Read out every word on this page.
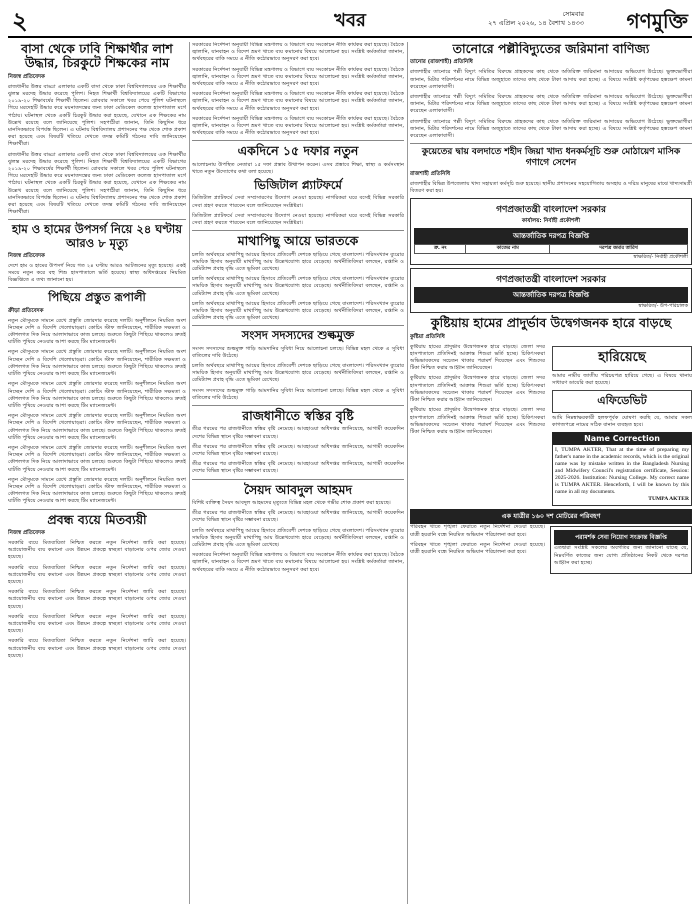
২	খবর	সোমবার
২৭ এপ্রিল ২০২৬, ১৪ বৈশাখ ১৪৩৩ গণমুক্তি
বাসা থেকে ঢাবি শিক্ষার্থীর লাশ উদ্ধার, চিরকুটে শিক্ষকের নাম
নিজস্ব প্রতিবেদক

রাজধানীর উত্তর বাড্ডা এলাকার একটি বাসা থেকে ঢাকা বিশ্ববিদ্যালয়ের এক শিক্ষার্থীর ঝুলন্ত মরদেহ উদ্ধার করেছে পুলিশ। নিহত শিক্ষার্থী বিশ্ববিদ্যালয়ের একটি বিভাগের ২০১৯-২০ শিক্ষাবর্ষের শিক্ষার্থী ছিলেন। রোববার সকালে খবর পেয়ে পুলিশ ঘটনাস্থলে গিয়ে মরদেহটি উদ্ধার করে ময়নাতদন্তের জন্য ঢাকা মেডিকেল কলেজ হাসপাতাল মর্গে পাঠায়। ঘটনাস্থল থেকে একটি চিরকুট উদ্ধার করা হয়েছে, যেখানে এক শিক্ষকের নাম উল্লেখ রয়েছে বলে জানিয়েছে পুলিশ। সহপাঠীরা জানান, তিনি কিছুদিন ধরে মানসিকভাবে বিপর্যস্ত ছিলেন। এ ঘটনায় বিশ্ববিদ্যালয় প্রশাসনের পক্ষ থেকে শোক প্রকাশ করা হয়েছে এবং বিষয়টি খতিয়ে দেখতে তদন্ত কমিটি গঠনের দাবি জানিয়েছেন শিক্ষার্থীরা।

রাজধানীর উত্তর বাড্ডা এলাকার একটি বাসা থেকে ঢাকা বিশ্ববিদ্যালয়ের এক শিক্ষার্থীর ঝুলন্ত মরদেহ উদ্ধার করেছে পুলিশ। নিহত শিক্ষার্থী বিশ্ববিদ্যালয়ের একটি বিভাগের ২০১৯-২০ শিক্ষাবর্ষের শিক্ষার্থী ছিলেন। রোববার সকালে খবর পেয়ে পুলিশ ঘটনাস্থলে গিয়ে মরদেহটি উদ্ধার করে ময়নাতদন্তের জন্য ঢাকা মেডিকেল কলেজ হাসপাতাল মর্গে পাঠায়। ঘটনাস্থল থেকে একটি চিরকুট উদ্ধার করা হয়েছে, যেখানে এক শিক্ষকের নাম উল্লেখ রয়েছে বলে জানিয়েছে পুলিশ। সহপাঠীরা জানান, তিনি কিছুদিন ধরে মানসিকভাবে বিপর্যস্ত ছিলেন। এ ঘটনায় বিশ্ববিদ্যালয় প্রশাসনের পক্ষ থেকে শোক প্রকাশ করা হয়েছে এবং বিষয়টি খতিয়ে দেখতে তদন্ত কমিটি গঠনের দাবি জানিয়েছেন শিক্ষার্থীরা।

হাম ও হামের উপসর্গ নিয়ে ২৪ ঘণ্টায় আরও ৮ মৃত্যু
নিজস্ব প্রতিবেদক

দেশে হাম ও হামের উপসর্গ নিয়ে গত ২৪ ঘণ্টায় আরও আটজনের মৃত্যু হয়েছে। একই সময়ে নতুন করে বহু শিশু হাসপাতালে ভর্তি হয়েছে। স্বাস্থ্য অধিদপ্তরের নিয়মিত বিজ্ঞপ্তিতে এ তথ্য জানানো হয়।

পিছিয়ে প্রস্তুত রূপালী
ক্রীড়া প্রতিবেদক

নতুন মৌসুমকে সামনে রেখে প্রস্তুতি জোরদার করেছে দলটি। অনুশীলনে নিয়মিত অংশ নিচ্ছেন দেশি ও বিদেশি খেলোয়াড়রা। কোচিং স্টাফ জানিয়েছেন, শারীরিক সক্ষমতা ও কৌশলগত দিক নিয়ে আলাদাভাবে কাজ চলছে। শুরুতে কিছুটা পিছিয়ে থাকলেও দ্রুতই ঘাটতি পুষিয়ে নেওয়ার আশা করছে টিম ম্যানেজমেন্ট।

নতুন মৌসুমকে সামনে রেখে প্রস্তুতি জোরদার করেছে দলটি। অনুশীলনে নিয়মিত অংশ নিচ্ছেন দেশি ও বিদেশি খেলোয়াড়রা। কোচিং স্টাফ জানিয়েছেন, শারীরিক সক্ষমতা ও কৌশলগত দিক নিয়ে আলাদাভাবে কাজ চলছে। শুরুতে কিছুটা পিছিয়ে থাকলেও দ্রুতই ঘাটতি পুষিয়ে নেওয়ার আশা করছে টিম ম্যানেজমেন্ট।

নতুন মৌসুমকে সামনে রেখে প্রস্তুতি জোরদার করেছে দলটি। অনুশীলনে নিয়মিত অংশ নিচ্ছেন দেশি ও বিদেশি খেলোয়াড়রা। কোচিং স্টাফ জানিয়েছেন, শারীরিক সক্ষমতা ও কৌশলগত দিক নিয়ে আলাদাভাবে কাজ চলছে। শুরুতে কিছুটা পিছিয়ে থাকলেও দ্রুতই ঘাটতি পুষিয়ে নেওয়ার আশা করছে টিম ম্যানেজমেন্ট।

নতুন মৌসুমকে সামনে রেখে প্রস্তুতি জোরদার করেছে দলটি। অনুশীলনে নিয়মিত অংশ নিচ্ছেন দেশি ও বিদেশি খেলোয়াড়রা। কোচিং স্টাফ জানিয়েছেন, শারীরিক সক্ষমতা ও কৌশলগত দিক নিয়ে আলাদাভাবে কাজ চলছে। শুরুতে কিছুটা পিছিয়ে থাকলেও দ্রুতই ঘাটতি পুষিয়ে নেওয়ার আশা করছে টিম ম্যানেজমেন্ট।

নতুন মৌসুমকে সামনে রেখে প্রস্তুতি জোরদার করেছে দলটি। অনুশীলনে নিয়মিত অংশ নিচ্ছেন দেশি ও বিদেশি খেলোয়াড়রা। কোচিং স্টাফ জানিয়েছেন, শারীরিক সক্ষমতা ও কৌশলগত দিক নিয়ে আলাদাভাবে কাজ চলছে। শুরুতে কিছুটা পিছিয়ে থাকলেও দ্রুতই ঘাটতি পুষিয়ে নেওয়ার আশা করছে টিম ম্যানেজমেন্ট।

নতুন মৌসুমকে সামনে রেখে প্রস্তুতি জোরদার করেছে দলটি। অনুশীলনে নিয়মিত অংশ নিচ্ছেন দেশি ও বিদেশি খেলোয়াড়রা। কোচিং স্টাফ জানিয়েছেন, শারীরিক সক্ষমতা ও কৌশলগত দিক নিয়ে আলাদাভাবে কাজ চলছে। শুরুতে কিছুটা পিছিয়ে থাকলেও দ্রুতই ঘাটতি পুষিয়ে নেওয়ার আশা করছে টিম ম্যানেজমেন্ট।

প্রবন্ধ ব্যয়ে মিতব্যয়ী
নিজস্ব প্রতিবেদক

সরকারি ব্যয়ে মিতব্যয়িতা নিশ্চিত করতে নতুন নির্দেশনা জারি করা হয়েছে। অপ্রয়োজনীয় ব্যয় কমানো এবং উন্নয়ন প্রকল্পে স্বচ্ছতা বাড়ানোর ওপর জোর দেওয়া হয়েছে।

সরকারি ব্যয়ে মিতব্যয়িতা নিশ্চিত করতে নতুন নির্দেশনা জারি করা হয়েছে। অপ্রয়োজনীয় ব্যয় কমানো এবং উন্নয়ন প্রকল্পে স্বচ্ছতা বাড়ানোর ওপর জোর দেওয়া হয়েছে।

সরকারি ব্যয়ে মিতব্যয়িতা নিশ্চিত করতে নতুন নির্দেশনা জারি করা হয়েছে। অপ্রয়োজনীয় ব্যয় কমানো এবং উন্নয়ন প্রকল্পে স্বচ্ছতা বাড়ানোর ওপর জোর দেওয়া হয়েছে।

সরকারি ব্যয়ে মিতব্যয়িতা নিশ্চিত করতে নতুন নির্দেশনা জারি করা হয়েছে। অপ্রয়োজনীয় ব্যয় কমানো এবং উন্নয়ন প্রকল্পে স্বচ্ছতা বাড়ানোর ওপর জোর দেওয়া হয়েছে।

সরকারি ব্যয়ে মিতব্যয়িতা নিশ্চিত করতে নতুন নির্দেশনা জারি করা হয়েছে। অপ্রয়োজনীয় ব্যয় কমানো এবং উন্নয়ন প্রকল্পে স্বচ্ছতা বাড়ানোর ওপর জোর দেওয়া হয়েছে।

সরকারের নির্দেশনা অনুযায়ী বিভিন্ন মন্ত্রণালয় ও বিভাগে ব্যয় সংকোচন নীতি কার্যকর করা হয়েছে। বৈঠকে জ্বালানি, যানবাহন ও বিদেশ ভ্রমণ খাতে ব্যয় কমানোর বিষয়ে আলোচনা হয়। সংশ্লিষ্ট কর্মকর্তারা জানান, অর্থবছরের বাকি সময়ে এ নীতি কঠোরভাবে অনুসরণ করা হবে।

সরকারের নির্দেশনা অনুযায়ী বিভিন্ন মন্ত্রণালয় ও বিভাগে ব্যয় সংকোচন নীতি কার্যকর করা হয়েছে। বৈঠকে জ্বালানি, যানবাহন ও বিদেশ ভ্রমণ খাতে ব্যয় কমানোর বিষয়ে আলোচনা হয়। সংশ্লিষ্ট কর্মকর্তারা জানান, অর্থবছরের বাকি সময়ে এ নীতি কঠোরভাবে অনুসরণ করা হবে।

সরকারের নির্দেশনা অনুযায়ী বিভিন্ন মন্ত্রণালয় ও বিভাগে ব্যয় সংকোচন নীতি কার্যকর করা হয়েছে। বৈঠকে জ্বালানি, যানবাহন ও বিদেশ ভ্রমণ খাতে ব্যয় কমানোর বিষয়ে আলোচনা হয়। সংশ্লিষ্ট কর্মকর্তারা জানান, অর্থবছরের বাকি সময়ে এ নীতি কঠোরভাবে অনুসরণ করা হবে।

সরকারের নির্দেশনা অনুযায়ী বিভিন্ন মন্ত্রণালয় ও বিভাগে ব্যয় সংকোচন নীতি কার্যকর করা হয়েছে। বৈঠকে জ্বালানি, যানবাহন ও বিদেশ ভ্রমণ খাতে ব্যয় কমানোর বিষয়ে আলোচনা হয়। সংশ্লিষ্ট কর্মকর্তারা জানান, অর্থবছরের বাকি সময়ে এ নীতি কঠোরভাবে অনুসরণ করা হবে।

একদিনে ১৫ দফার নতুন

আলোচনায় উপস্থিত নেতারা ১৫ দফা প্রস্তাব উত্থাপন করেন। এসব প্রস্তাবে শিক্ষা, স্বাস্থ্য ও কর্মসংস্থান খাতে নতুন উদ্যোগের কথা বলা হয়েছে।

ভিজিটাল প্ল্যাটফর্মে

ডিজিটাল প্ল্যাটফর্মে সেবা সম্প্রসারণের উদ্যোগ নেওয়া হয়েছে। নাগরিকরা ঘরে বসেই বিভিন্ন সরকারি সেবা গ্রহণ করতে পারবেন বলে জানিয়েছেন সংশ্লিষ্টরা।

ডিজিটাল প্ল্যাটফর্মে সেবা সম্প্রসারণের উদ্যোগ নেওয়া হয়েছে। নাগরিকরা ঘরে বসেই বিভিন্ন সরকারি সেবা গ্রহণ করতে পারবেন বলে জানিয়েছেন সংশ্লিষ্টরা।

মাথাপিছু আয়ে ভারতকে

চলতি অর্থবছরে মাথাপিছু আয়ের হিসাবে প্রতিবেশী দেশকে ছাড়িয়ে গেছে বাংলাদেশ। পরিসংখ্যান ব্যুরোর সাময়িক হিসাব অনুযায়ী মাথাপিছু আয় উল্লেখযোগ্য হারে বেড়েছে। অর্থনীতিবিদরা বলছেন, রপ্তানি ও রেমিট্যান্স প্রবাহ বৃদ্ধি এতে ভূমিকা রেখেছে।

চলতি অর্থবছরে মাথাপিছু আয়ের হিসাবে প্রতিবেশী দেশকে ছাড়িয়ে গেছে বাংলাদেশ। পরিসংখ্যান ব্যুরোর সাময়িক হিসাব অনুযায়ী মাথাপিছু আয় উল্লেখযোগ্য হারে বেড়েছে। অর্থনীতিবিদরা বলছেন, রপ্তানি ও রেমিট্যান্স প্রবাহ বৃদ্ধি এতে ভূমিকা রেখেছে।

চলতি অর্থবছরে মাথাপিছু আয়ের হিসাবে প্রতিবেশী দেশকে ছাড়িয়ে গেছে বাংলাদেশ। পরিসংখ্যান ব্যুরোর সাময়িক হিসাব অনুযায়ী মাথাপিছু আয় উল্লেখযোগ্য হারে বেড়েছে। অর্থনীতিবিদরা বলছেন, রপ্তানি ও রেমিট্যান্স প্রবাহ বৃদ্ধি এতে ভূমিকা রেখেছে।

সংসদ সদস্যদের শুল্কমুক্ত

সংসদ সদস্যদের শুল্কমুক্ত গাড়ি আমদানির সুবিধা নিয়ে আলোচনা চলছে। বিভিন্ন মহল থেকে এ সুবিধা বাতিলের দাবি উঠেছে।

চলতি অর্থবছরে মাথাপিছু আয়ের হিসাবে প্রতিবেশী দেশকে ছাড়িয়ে গেছে বাংলাদেশ। পরিসংখ্যান ব্যুরোর সাময়িক হিসাব অনুযায়ী মাথাপিছু আয় উল্লেখযোগ্য হারে বেড়েছে। অর্থনীতিবিদরা বলছেন, রপ্তানি ও রেমিট্যান্স প্রবাহ বৃদ্ধি এতে ভূমিকা রেখেছে।

সংসদ সদস্যদের শুল্কমুক্ত গাড়ি আমদানির সুবিধা নিয়ে আলোচনা চলছে। বিভিন্ন মহল থেকে এ সুবিধা বাতিলের দাবি উঠেছে।

রাজধানীতে স্বস্তির বৃষ্টি

তীব্র গরমের পর রাজধানীতে স্বস্তির বৃষ্টি নেমেছে। আবহাওয়া অধিদপ্তর জানিয়েছে, আগামী কয়েকদিন দেশের বিভিন্ন স্থানে বৃষ্টির সম্ভাবনা রয়েছে।

তীব্র গরমের পর রাজধানীতে স্বস্তির বৃষ্টি নেমেছে। আবহাওয়া অধিদপ্তর জানিয়েছে, আগামী কয়েকদিন দেশের বিভিন্ন স্থানে বৃষ্টির সম্ভাবনা রয়েছে।

তীব্র গরমের পর রাজধানীতে স্বস্তির বৃষ্টি নেমেছে। আবহাওয়া অধিদপ্তর জানিয়েছে, আগামী কয়েকদিন দেশের বিভিন্ন স্থানে বৃষ্টির সম্ভাবনা রয়েছে।

সৈয়দ আবদুল আহমদ

বিশিষ্ট ব্যক্তিত্ব সৈয়দ আবদুল আহমদের মৃত্যুতে বিভিন্ন মহল থেকে গভীর শোক প্রকাশ করা হয়েছে।

তীব্র গরমের পর রাজধানীতে স্বস্তির বৃষ্টি নেমেছে। আবহাওয়া অধিদপ্তর জানিয়েছে, আগামী কয়েকদিন দেশের বিভিন্ন স্থানে বৃষ্টির সম্ভাবনা রয়েছে।

চলতি অর্থবছরে মাথাপিছু আয়ের হিসাবে প্রতিবেশী দেশকে ছাড়িয়ে গেছে বাংলাদেশ। পরিসংখ্যান ব্যুরোর সাময়িক হিসাব অনুযায়ী মাথাপিছু আয় উল্লেখযোগ্য হারে বেড়েছে। অর্থনীতিবিদরা বলছেন, রপ্তানি ও রেমিট্যান্স প্রবাহ বৃদ্ধি এতে ভূমিকা রেখেছে।

সরকারের নির্দেশনা অনুযায়ী বিভিন্ন মন্ত্রণালয় ও বিভাগে ব্যয় সংকোচন নীতি কার্যকর করা হয়েছে। বৈঠকে জ্বালানি, যানবাহন ও বিদেশ ভ্রমণ খাতে ব্যয় কমানোর বিষয়ে আলোচনা হয়। সংশ্লিষ্ট কর্মকর্তারা জানান, অর্থবছরের বাকি সময়ে এ নীতি কঠোরভাবে অনুসরণ করা হবে।

তানোরে পল্লীবিদ্যুতের জরিমানা বাণিজ্য
তানোর (রাজশাহী) প্রতিনিধি

রাজশাহীর তানোরে পল্লী বিদ্যুৎ সমিতির বিরুদ্ধে গ্রাহকদের কাছ থেকে অতিরিক্ত জরিমানা আদায়ের অভিযোগ উঠেছে। ভুক্তভোগীরা জানান, মিটার পরিদর্শনের নামে বিভিন্ন অজুহাতে তাদের কাছ থেকে টাকা আদায় করা হচ্ছে। এ বিষয়ে সংশ্লিষ্ট কর্তৃপক্ষের হস্তক্ষেপ কামনা করেছেন এলাকাবাসী।

রাজশাহীর তানোরে পল্লী বিদ্যুৎ সমিতির বিরুদ্ধে গ্রাহকদের কাছ থেকে অতিরিক্ত জরিমানা আদায়ের অভিযোগ উঠেছে। ভুক্তভোগীরা জানান, মিটার পরিদর্শনের নামে বিভিন্ন অজুহাতে তাদের কাছ থেকে টাকা আদায় করা হচ্ছে। এ বিষয়ে সংশ্লিষ্ট কর্তৃপক্ষের হস্তক্ষেপ কামনা করেছেন এলাকাবাসী।

রাজশাহীর তানোরে পল্লী বিদ্যুৎ সমিতির বিরুদ্ধে গ্রাহকদের কাছ থেকে অতিরিক্ত জরিমানা আদায়ের অভিযোগ উঠেছে। ভুক্তভোগীরা জানান, মিটার পরিদর্শনের নামে বিভিন্ন অজুহাতে তাদের কাছ থেকে টাকা আদায় করা হচ্ছে। এ বিষয়ে সংশ্লিষ্ট কর্তৃপক্ষের হস্তক্ষেপ কামনা করেছেন এলাকাবাসী।

কুয়েতের দ্বায় বলদাতে শহীদ জিয়া খাদ্য ধনকৰ্মসূচি শুরু মোঠায়েণ মাসিক গণাগে সেশেন
রাজশাহী প্রতিনিধি

রাজশাহীর বিভিন্ন উপজেলায় খাদ্য সহায়তা কর্মসূচি শুরু হয়েছে। স্থানীয় প্রশাসনের সহযোগিতায় অসহায় ও দরিদ্র মানুষের মাঝে খাদ্যসামগ্রী বিতরণ করা হয়।

গণপ্রজাতন্ত্রী বাংলাদেশ সরকার
কার্যালয়: নির্বাহী প্রকৌশলী
আন্তর্জাতিক দরপত্র বিজ্ঞপ্তি
ক্র. নং	কাজের নাম	দরপত্র জমার তারিখ
স্বাক্ষরিত/- নির্বাহী প্রকৌশলী
গণপ্রজাতন্ত্রী বাংলাদেশ সরকার
আন্তর্জাতিক দরপত্র বিজ্ঞপ্তি
স্বাক্ষরিত/- উপ-পরিচালক
কুষ্টিয়ায় হামের প্রাদুর্ভাব উদ্বেগজনক হারে বাড়ছে
কুষ্টিয়া প্রতিনিধি

কুষ্টিয়ায় হামের প্রাদুর্ভাব উদ্বেগজনক হারে বাড়ছে। জেলা সদর হাসপাতালে প্রতিদিনই আক্রান্ত শিশুরা ভর্তি হচ্ছে। চিকিৎসকরা অভিভাবকদের সচেতন থাকার পরামর্শ দিয়েছেন এবং শিশুদের টিকা নিশ্চিত করার আহ্বান জানিয়েছেন।

কুষ্টিয়ায় হামের প্রাদুর্ভাব উদ্বেগজনক হারে বাড়ছে। জেলা সদর হাসপাতালে প্রতিদিনই আক্রান্ত শিশুরা ভর্তি হচ্ছে। চিকিৎসকরা অভিভাবকদের সচেতন থাকার পরামর্শ দিয়েছেন এবং শিশুদের টিকা নিশ্চিত করার আহ্বান জানিয়েছেন।

কুষ্টিয়ায় হামের প্রাদুর্ভাব উদ্বেগজনক হারে বাড়ছে। জেলা সদর হাসপাতালে প্রতিদিনই আক্রান্ত শিশুরা ভর্তি হচ্ছে। চিকিৎসকরা অভিভাবকদের সচেতন থাকার পরামর্শ দিয়েছেন এবং শিশুদের টিকা নিশ্চিত করার আহ্বান জানিয়েছেন।

হারিয়েছে

আমার নামীয় জাতীয় পরিচয়পত্র হারিয়ে গেছে। এ বিষয়ে থানায় সাধারণ ডায়েরি করা হয়েছে।

এফিডেভিট

আমি নিম্নস্বাক্ষরকারী হলফপূর্বক ঘোষণা করছি যে, আমার সকল কাগজপত্রে নামের সঠিক বানান ব্যবহৃত হবে।

Name Correction
I, TUMPA AKTER, That at the time of preparing my father's name in the academic records, which is the original name was by mistake written in the Bangladesh Nursing and Midwifery Council's registration certificate, Session: 2025-2026. Institution: Nursing College. My correct name is TUMPA AKTER. Henceforth, I will be known by this name in all my documents.
TUMPA AKTER
এক যাত্রীর ১৬০ দশ মোটরের পরিবহণ

পরিবহন খাতে শৃঙ্খলা ফেরাতে নতুন নির্দেশনা দেওয়া হয়েছে। যাত্রী হয়রানি বন্ধে নিয়মিত অভিযান পরিচালনা করা হবে।

পরিবহন খাতে শৃঙ্খলা ফেরাতে নতুন নির্দেশনা দেওয়া হয়েছে। যাত্রী হয়রানি বন্ধে নিয়মিত অভিযান পরিচালনা করা হবে।

পরামর্শক সেবা নিয়োগ সংক্রান্ত বিজ্ঞপ্তি

এতদ্বারা সংশ্লিষ্ট সকলের অবগতির জন্য জানানো যাচ্ছে যে, নিম্নবর্ণিত কাজের জন্য যোগ্য প্রতিষ্ঠানের নিকট থেকে দরপত্র আহ্বান করা হচ্ছে।
